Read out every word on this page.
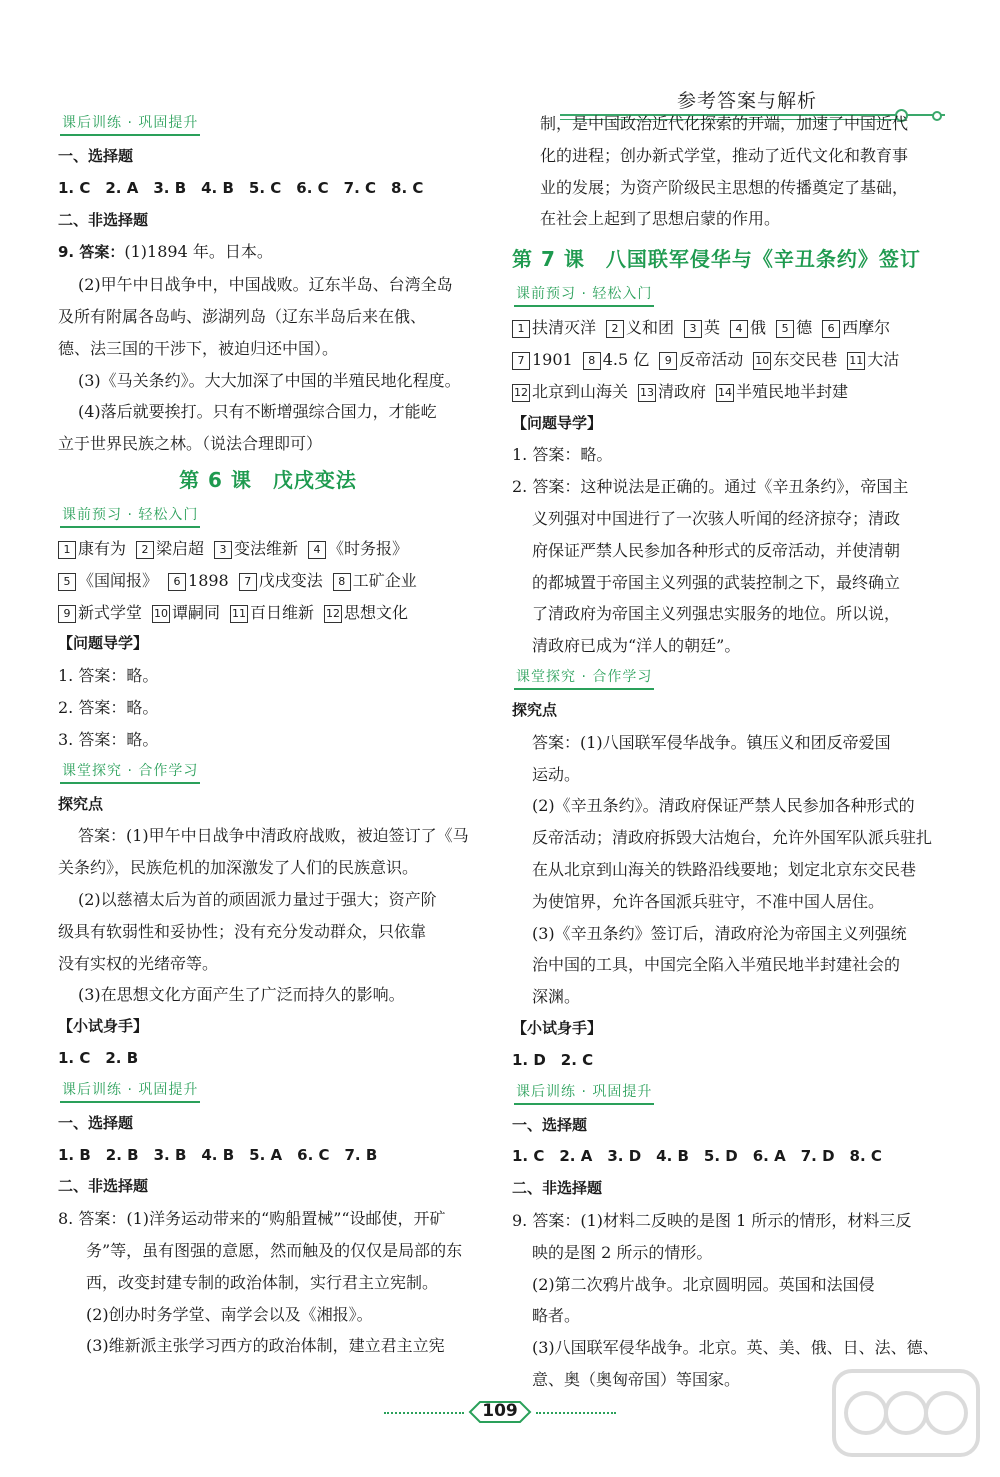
参考答案与解析
课后训练 · 巩固提升
一、选择题
1. C　2. A　3. B　4. B　5. C　6. C　7. C　8. C
二、非选择题
9. 答案：(1)1894 年。日本。
(2)甲午中日战争中，中国战败。辽东半岛、台湾全岛
及所有附属各岛屿、澎湖列岛（辽东半岛后来在俄、
德、法三国的干涉下，被迫归还中国）。
(3)《马关条约》。大大加深了中国的半殖民地化程度。
(4)落后就要挨打。只有不断增强综合国力，才能屹
立于世界民族之林。（说法合理即可）
第 6 课　戊戌变法
课前预习 · 轻松入门
1 康有为 2 梁启超 3 变法维新 4 《时务报》
5 《国闻报》 6 1898 7 戊戌变法 8 工矿企业
9 新式学堂 10 谭嗣同 11 百日维新 12 思想文化
【问题导学】
1. 答案：略。
2. 答案：略。
3. 答案：略。
课堂探究 · 合作学习
探究点
答案：(1)甲午中日战争中清政府战败，被迫签订了《马
关条约》，民族危机的加深激发了人们的民族意识。
(2)以慈禧太后为首的顽固派力量过于强大；资产阶
级具有软弱性和妥协性；没有充分发动群众，只依靠
没有实权的光绪帝等。
(3)在思想文化方面产生了广泛而持久的影响。
【小试身手】
1. C　2. B
课后训练 · 巩固提升
一、选择题
1. B　2. B　3. B　4. B　5. A　6. C　7. B
二、非选择题
8. 答案：(1)洋务运动带来的“购船置械”“设邮使，开矿
务”等，虽有图强的意愿，然而触及的仅仅是局部的东
西，改变封建专制的政治体制，实行君主立宪制。
(2)创办时务学堂、南学会以及《湘报》。
(3)维新派主张学习西方的政治体制，建立君主立宪
制，是中国政治近代化探索的开端，加速了中国近代
化的进程；创办新式学堂，推动了近代文化和教育事
业的发展；为资产阶级民主思想的传播奠定了基础，
在社会上起到了思想启蒙的作用。
第 7 课　八国联军侵华与《辛丑条约》签订
课前预习 · 轻松入门
1 扶清灭洋 2 义和团 3 英 4 俄 5 德 6 西摩尔
7 1901 8 4.5 亿 9 反帝活动 10 东交民巷 11 大沽
12 北京到山海关 13 清政府 14 半殖民地半封建
【问题导学】
1. 答案：略。
2. 答案：这种说法是正确的。通过《辛丑条约》，帝国主
义列强对中国进行了一次骇人听闻的经济掠夺；清政
府保证严禁人民参加各种形式的反帝活动，并使清朝
的都城置于帝国主义列强的武装控制之下，最终确立
了清政府为帝国主义列强忠实服务的地位。所以说，
清政府已成为“洋人的朝廷”。
课堂探究 · 合作学习
探究点
答案：(1)八国联军侵华战争。镇压义和团反帝爱国
运动。
(2)《辛丑条约》。清政府保证严禁人民参加各种形式的
反帝活动；清政府拆毁大沽炮台，允许外国军队派兵驻扎
在从北京到山海关的铁路沿线要地；划定北京东交民巷
为使馆界，允许各国派兵驻守，不准中国人居住。
(3)《辛丑条约》签订后，清政府沦为帝国主义列强统
治中国的工具，中国完全陷入半殖民地半封建社会的
深渊。
【小试身手】
1. D　2. C
课后训练 · 巩固提升
一、选择题
1. C　2. A　3. D　4. B　5. D　6. A　7. D　8. C
二、非选择题
9. 答案：(1)材料二反映的是图 1 所示的情形，材料三反
映的是图 2 所示的情形。
(2)第二次鸦片战争。北京圆明园。英国和法国侵
略者。
(3)八国联军侵华战争。北京。英、美、俄、日、法、德、
意、奥（奥匈帝国）等国家。
109
